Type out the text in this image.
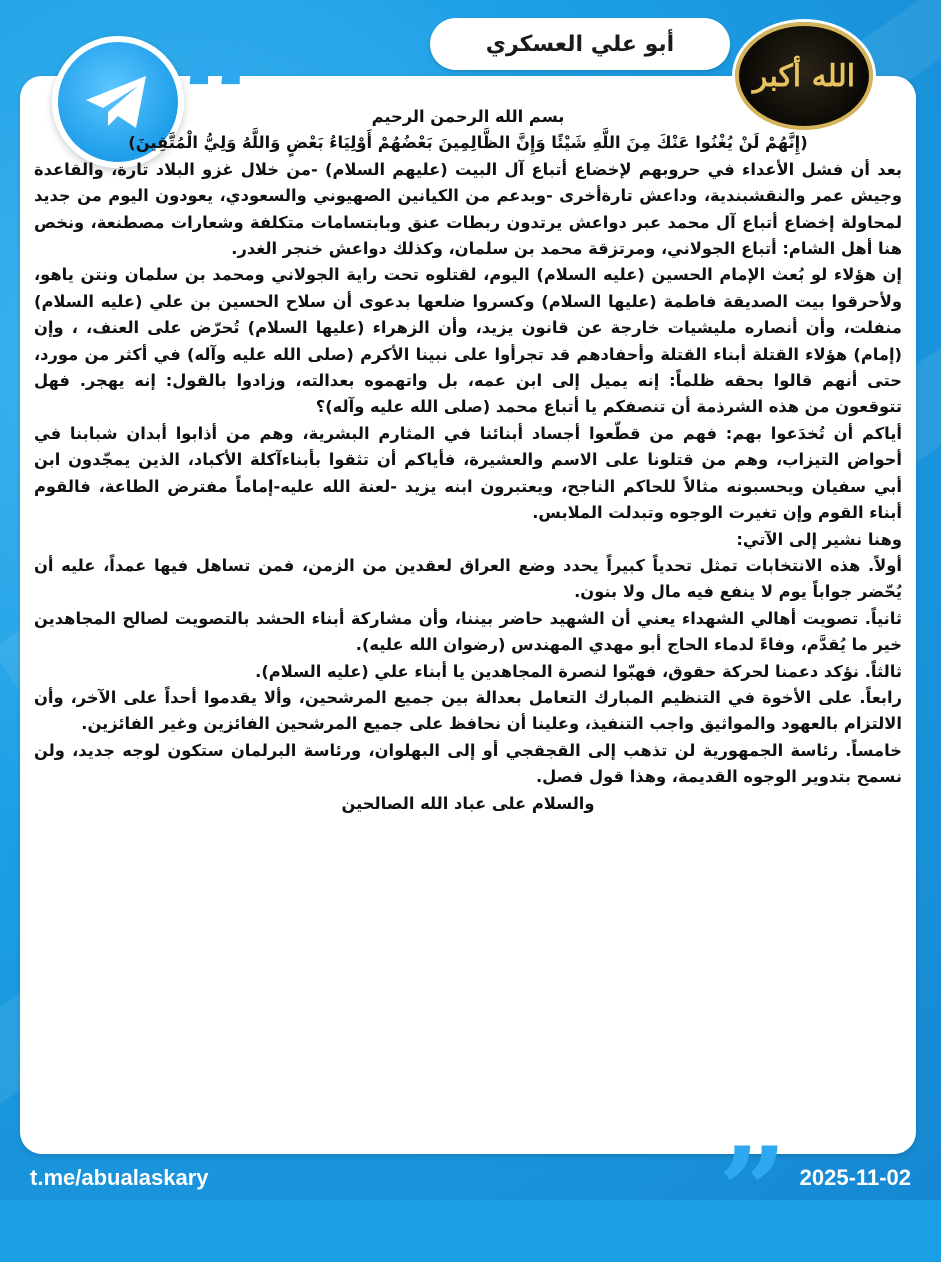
“	أبو علي العسكري
الله أكبر

بسم الله الرحمن الرحيم

(إِنَّهُمْ لَنْ يُغْنُوا عَنْكَ مِنَ اللَّهِ شَيْئًا وَإِنَّ الظَّالِمِينَ بَعْضُهُمْ أَوْلِيَاءُ بَعْضٍ وَاللَّهُ وَلِيُّ الْمُتَّقِينَ)

بعد أن فشل الأعداء في حروبهم لإخضاع أتباع آل البيت (عليهم السلام) -من خلال غزو البلاد تارة، والقاعدة وجيش عمر والنقشبندية، وداعش تارةأخرى -وبدعم من الكيانين الصهيوني والسعودي، يعودون اليوم من جديد لمحاولة إخضاع أتباع آل محمد عبر دواعش يرتدون ربطات عنق وبابتسامات متكلفة وشعارات مصطنعة، ونخص هنا أهل الشام: أتباع الجولاني، ومرتزقة محمد بن سلمان، وكذلك دواعش خنجر الغدر.

إن هؤلاء لو بُعث الإمام الحسين (عليه السلام) اليوم، لقتلوه تحت راية الجولاني ومحمد بن سلمان ونتن ياهو، ولأحرقوا بيت الصديقة فاطمة (عليها السلام) وكسروا ضلعها بدعوى أن سلاح الحسين بن علي (عليه السلام) منفلت، وأن أنصاره مليشيات خارجة عن قانون يزيد، وأن الزهراء (عليها السلام) تُحرّض على العنف، ، وإن (إمام) هؤلاء القتلة أبناء القتلة وأحفادهم قد تجرأوا على نبينا الأكرم (صلى الله عليه وآله) في أكثر من مورد، حتى أنهم قالوا بحقه ظلماً: إنه يميل إلى ابن عمه، بل واتهموه بعدالته، وزادوا بالقول: إنه يهجر. فهل تتوقعون من هذه الشرذمة أن تنصفكم يا أتباع محمد (صلى الله عليه وآله)؟

أياكم أن تُخدَعوا بهم: فهم من قطّعوا أجساد أبنائنا في المثارم البشرية، وهم من أذابوا أبدان شبابنا في أحواض التيزاب، وهم من قتلونا على الاسم والعشيرة، فأياكم أن تثقوا بأبناءآكلة الأكباد، الذين يمجّدون ابن أبي سفيان ويحسبونه مثالاً للحاكم الناجح، ويعتبرون ابنه يزيد -لعنة الله عليه-إماماً مفترض الطاعة، فالقوم أبناء القوم وإن تغيرت الوجوه وتبدلت الملابس.

وهنا نشير إلى الآتي:

أولاً. هذه الانتخابات تمثل تحدياً كبيراً يحدد وضع العراق لعقدين من الزمن، فمن تساهل فيها عمداً، عليه أن يُحّضر جواباً يوم لا ينفع فيه مال ولا بنون.

ثانياً. تصويت أهالي الشهداء يعني أن الشهيد حاضر بيننا، وأن مشاركة أبناء الحشد بالتصويت لصالح المجاهدين خير ما يُقدَّم، وفاءً لدماء الحاج أبو مهدي المهندس (رضوان الله عليه).

ثالثاً. نؤكد دعمنا لحركة حقوق، فهبّوا لنصرة المجاهدين يا أبناء علي (عليه السلام).

رابعاً. على الأخوة في التنظيم المبارك التعامل بعدالة بين جميع المرشحين، وألا يقدموا أحداً على الآخر، وأن الالتزام بالعهود والمواثيق واجب التنفيذ، وعلينا أن نحافظ على جميع المرشحين الفائزين وغير الفائزين.

خامساً. رئاسة الجمهورية لن تذهب إلى القجقجي أو إلى البهلوان، ورئاسة البرلمان ستكون لوجه جديد، ولن نسمح بتدوير الوجوه القديمة، وهذا قول فصل.

والسلام على عباد الله الصالحين

”
t.me/abualaskary	2025-11-02
